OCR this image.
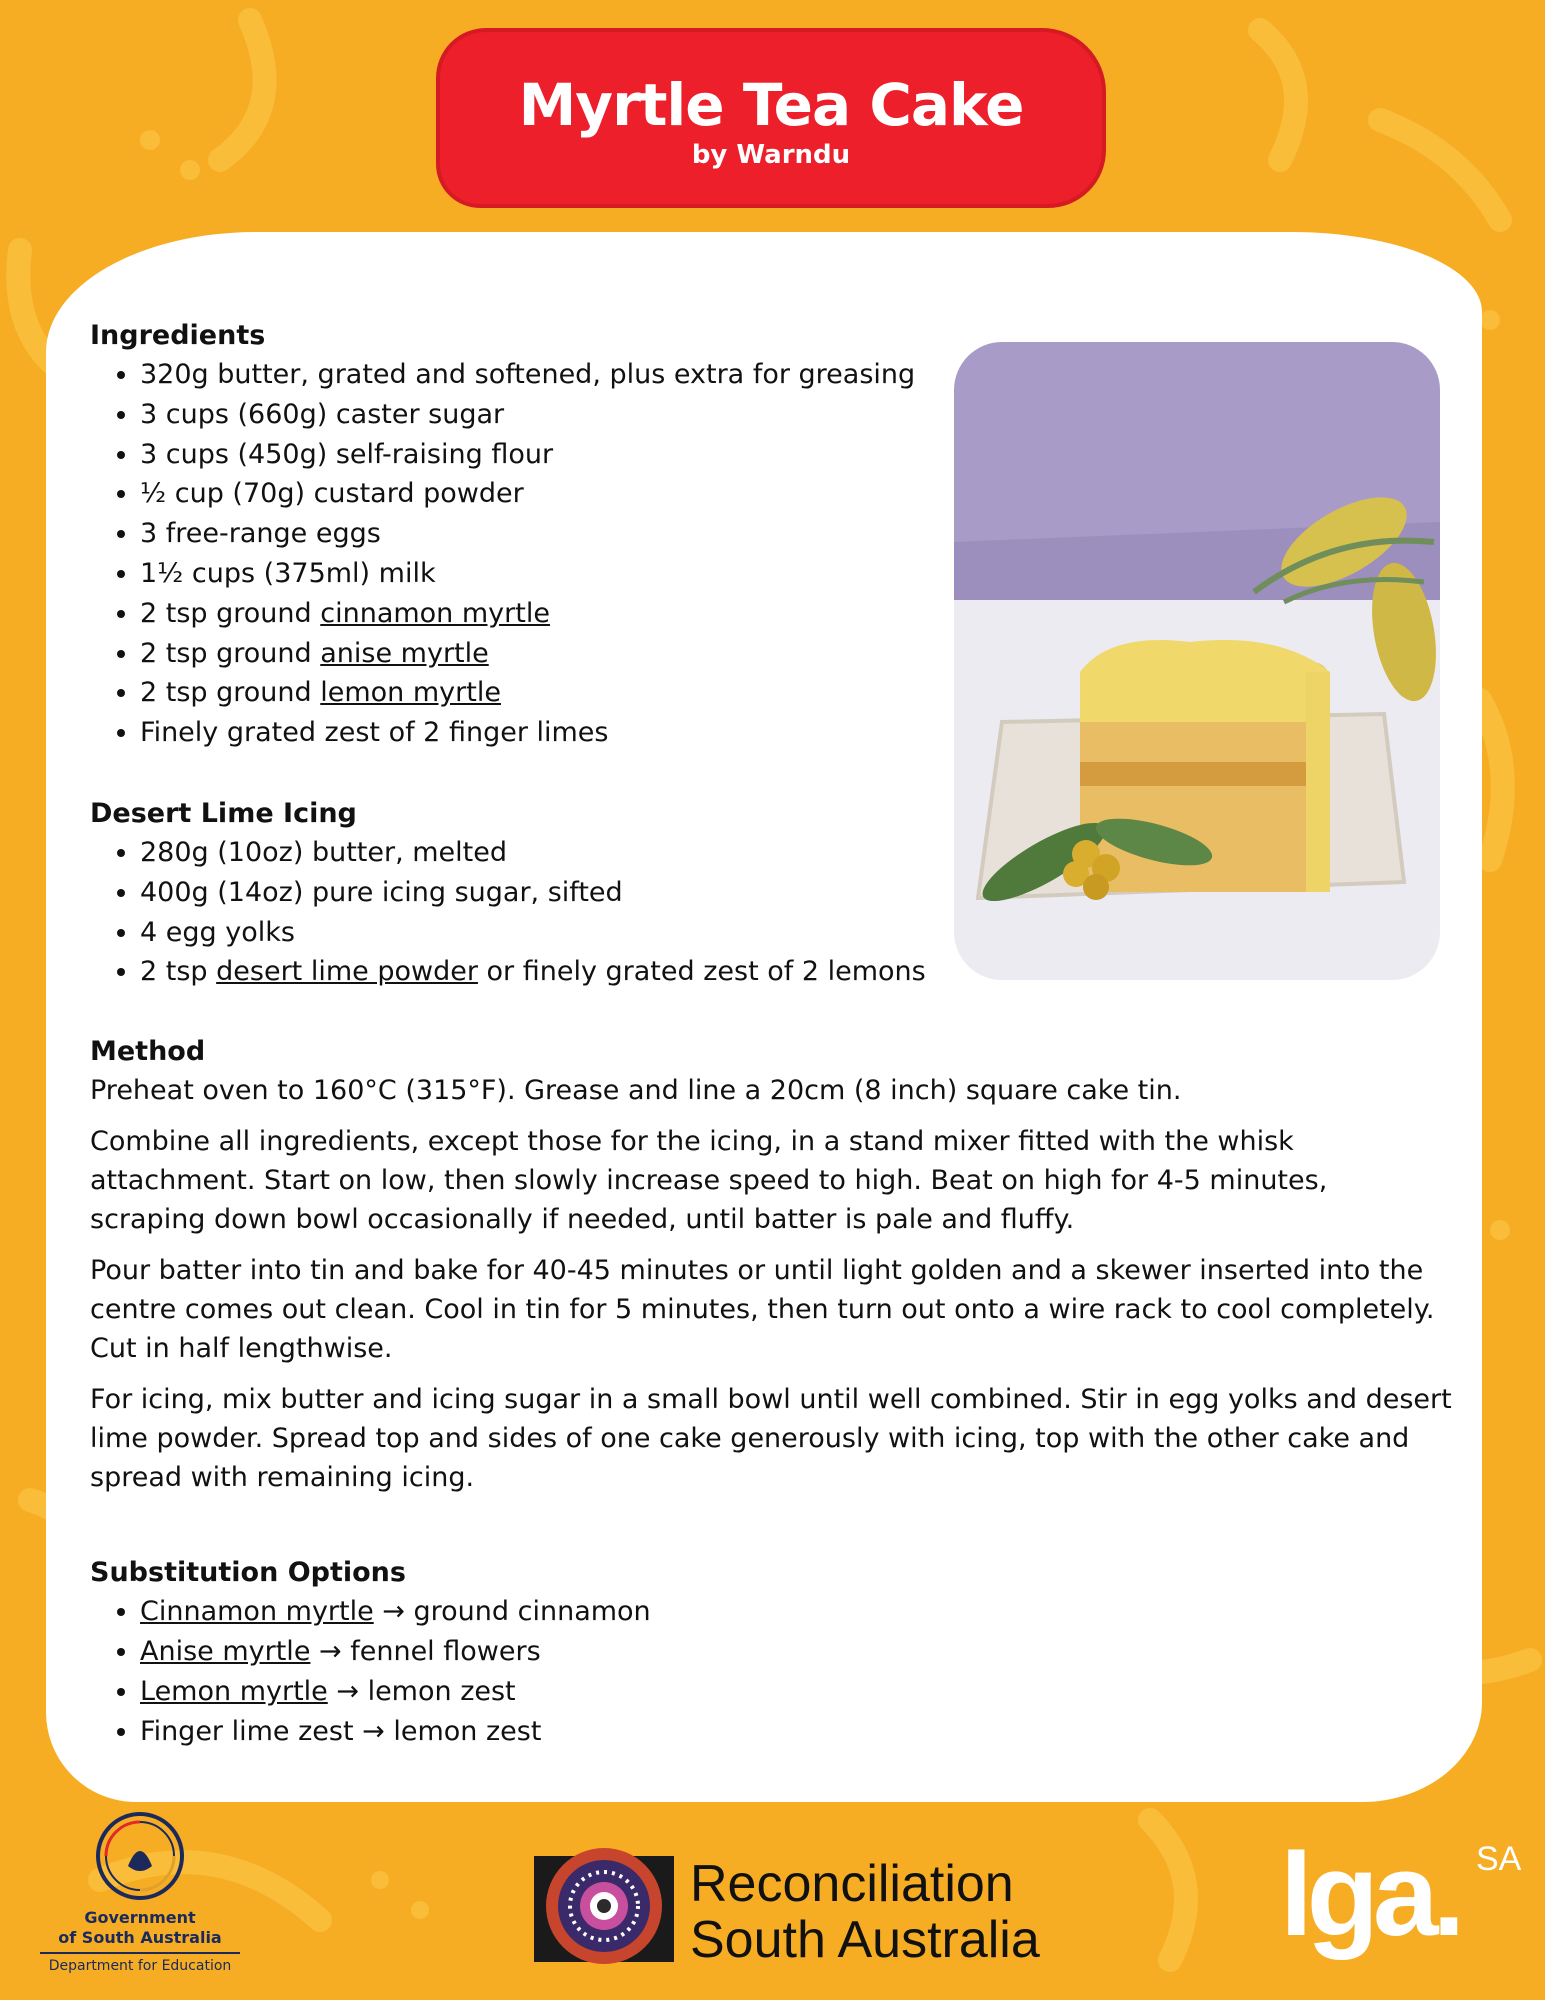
Myrtle Tea Cake
by Warndu
Ingredients
• 320g butter, grated and softened, plus extra for greasing
• 3 cups (660g) caster sugar
• 3 cups (450g) self-raising flour
• ½ cup (70g) custard powder
• 3 free-range eggs
• 1½ cups (375ml) milk
• 2 tsp ground cinnamon myrtle
• 2 tsp ground anise myrtle
• 2 tsp ground lemon myrtle
• Finely grated zest of 2 finger limes
Desert Lime Icing
• 280g (10oz) butter, melted
• 400g (14oz) pure icing sugar, sifted
• 4 egg yolks
• 2 tsp desert lime powder or finely grated zest of 2 lemons
Method

Preheat oven to 160°C (315°F). Grease and line a 20cm (8 inch) square cake tin.

Combine all ingredients, except those for the icing, in a stand mixer fitted with the whisk attachment. Start on low, then slowly increase speed to high. Beat on high for 4-5 minutes, scraping down bowl occasionally if needed, until batter is pale and fluffy.

Pour batter into tin and bake for 40-45 minutes or until light golden and a skewer inserted into the centre comes out clean. Cool in tin for 5 minutes, then turn out onto a wire rack to cool completely.
Cut in half lengthwise.

For icing, mix butter and icing sugar in a small bowl until well combined. Stir in egg yolks and desert lime powder. Spread top and sides of one cake generously with icing, top with the other cake and spread with remaining icing.

Substitution Options
• Cinnamon myrtle → ground cinnamon
• Anise myrtle → fennel flowers
• Lemon myrtle → lemon zest
• Finger lime zest → lemon zest
Government
of South Australia
Department for Education
Reconciliation
South Australia lga. SA
